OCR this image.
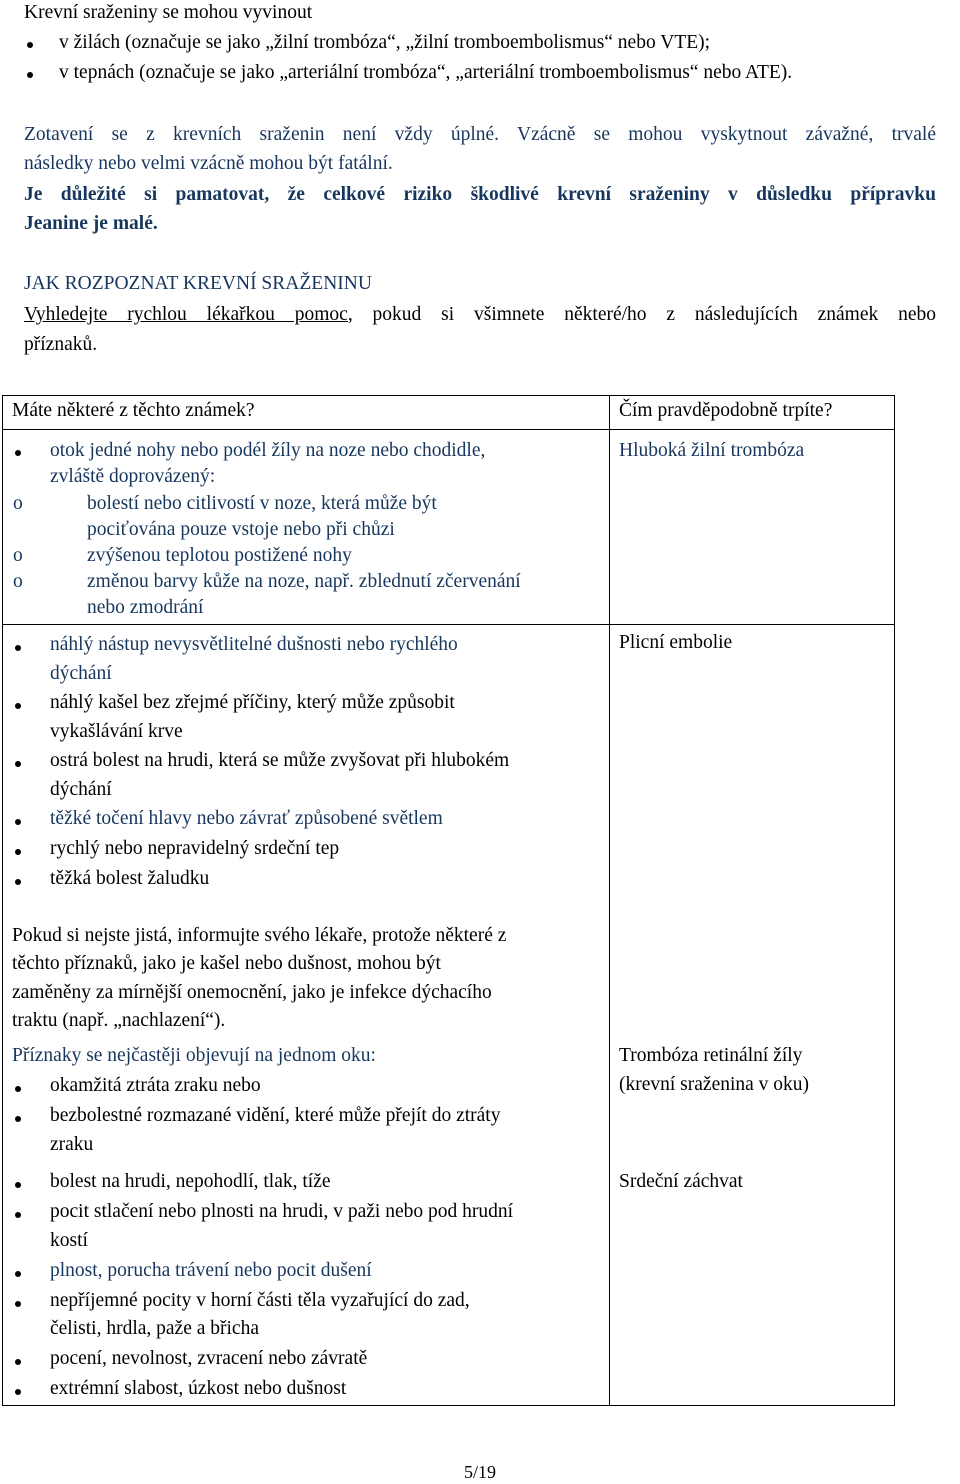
Krevní sraženiny se mohou vyvinout
v žilách (označuje se jako „žilní trombóza“, „žilní tromboembolismus“ nebo VTE);
v tepnách (označuje se jako „arteriální trombóza“, „arteriální tromboembolismus“ nebo ATE).
Zotavení se z krevních sraženin není vždy úplné. Vzácně se mohou vyskytnout závažné, trvalé
následky nebo velmi vzácně mohou být fatální.
Je důležité si pamatovat, že celkové riziko škodlivé krevní sraženiny v důsledku přípravku
Jeanine je malé.
JAK ROZPOZNAT KREVNÍ SRAŽENINU
Vyhledejte rychlou lékařkou pomoc, pokud si všimnete některé/ho z následujících známek nebo
příznaků.
Máte některé z těchto známek?	Čím pravděpodobně trpíte?
otok jedné nohy nebo podél žíly na noze nebo chodidle,
zvláště doprovázený:
o	bolestí nebo citlivostí v noze, která může být
pociťována pouze vstoje nebo při chůzi
o	zvýšenou teplotou postižené nohy
o	změnou barvy kůže na noze, např. zblednutí zčervenání
nebo zmodrání
Hluboká žilní trombóza
náhlý nástup nevysvětlitelné dušnosti nebo rychlého
dýchání
náhlý kašel bez zřejmé příčiny, který může způsobit
vykašlávání krve
ostrá bolest na hrudi, která se může zvyšovat při hlubokém
dýchání
těžké točení hlavy nebo závrať způsobené světlem
rychlý nebo nepravidelný srdeční tep
těžká bolest žaludku
Pokud si nejste jistá, informujte svého lékaře, protože některé z
těchto příznaků, jako je kašel nebo dušnost, mohou být
zaměněny za mírnější onemocnění, jako je infekce dýchacího
traktu (např. „nachlazení“).
Plicní embolie
Příznaky se nejčastěji objevují na jednom oku:
okamžitá ztráta zraku nebo
bezbolestné rozmazané vidění, které může přejít do ztráty
zraku
Trombóza retinální žíly
(krevní sraženina v oku)
bolest na hrudi, nepohodlí, tlak, tíže
pocit stlačení nebo plnosti na hrudi, v paži nebo pod hrudní
kostí
plnost, porucha trávení nebo pocit dušení
nepříjemné pocity v horní části těla vyzařující do zad,
čelisti, hrdla, paže a břicha
pocení, nevolnost, zvracení nebo závratě
extrémní slabost, úzkost nebo dušnost
Srdeční záchvat
5/19
